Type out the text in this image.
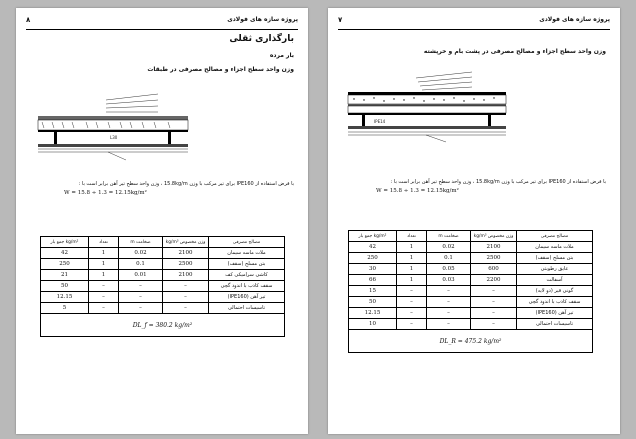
۸	پروژه سازه های فولادی
بارگذاری ثقلی
بار مرده
وزن واحد سطح اجزاء و مصالح مصرفی در طبقات
L30
با فرض استفاده از IPE160 برای تیر مرکب با وزن 15.8kg/m ، وزن واحد سطح تیر آهن برابر است با :
W = 15.8 ÷ 1.3 = 12.15kg/m²
مصالح مصرفی	وزن مخصوص kg/m³	ضخامت m	تعداد	kg/m² جمع بار
ملات ماسه سیمان	2100	0.02	1	42
بتن مسلح (سقف)	2500	0.1	1	250
کاشی سرامیکی کف	2100	0.01	1	21
سقف کاذب با اندود گچی	–	–	–	50
تیر آهن (IPE160)	–	–	–	12.15
تاسیسات احتمالی	–	–	–	5
DL_f = 380.2 kg/m²				
۷	پروژه سازه های فولادی
وزن واحد سطح اجزاء و مصالح مصرفی در پشت بام و خرپشته
IPE14
با فرض استفاده از IPE160 برای تیر مرکب با وزن 15.8kg/m ، وزن واحد سطح تیر آهن برابر است با :
W = 15.8 ÷ 1.3 = 12.15kg/m²
مصالح مصرفی	وزن مخصوص kg/m³	ضخامت m	تعداد	kg/m² جمع بار
ملات ماسه سیمان	2100	0.02	1	42
بتن مسلح (سقف)	2500	0.1	1	250
عایق رطوبتی	600	0.05	1	30
آسفالت	2200	0.03	1	66
گونی قیر (دو لایه)	–	–	–	15
سقف کاذب با اندود گچی	–	–	–	50
تیر آهن (IPE160)	–	–	–	12.15
تاسیسات احتمالی	–	–	–	10
DL_R = 475.2 kg/m²				
